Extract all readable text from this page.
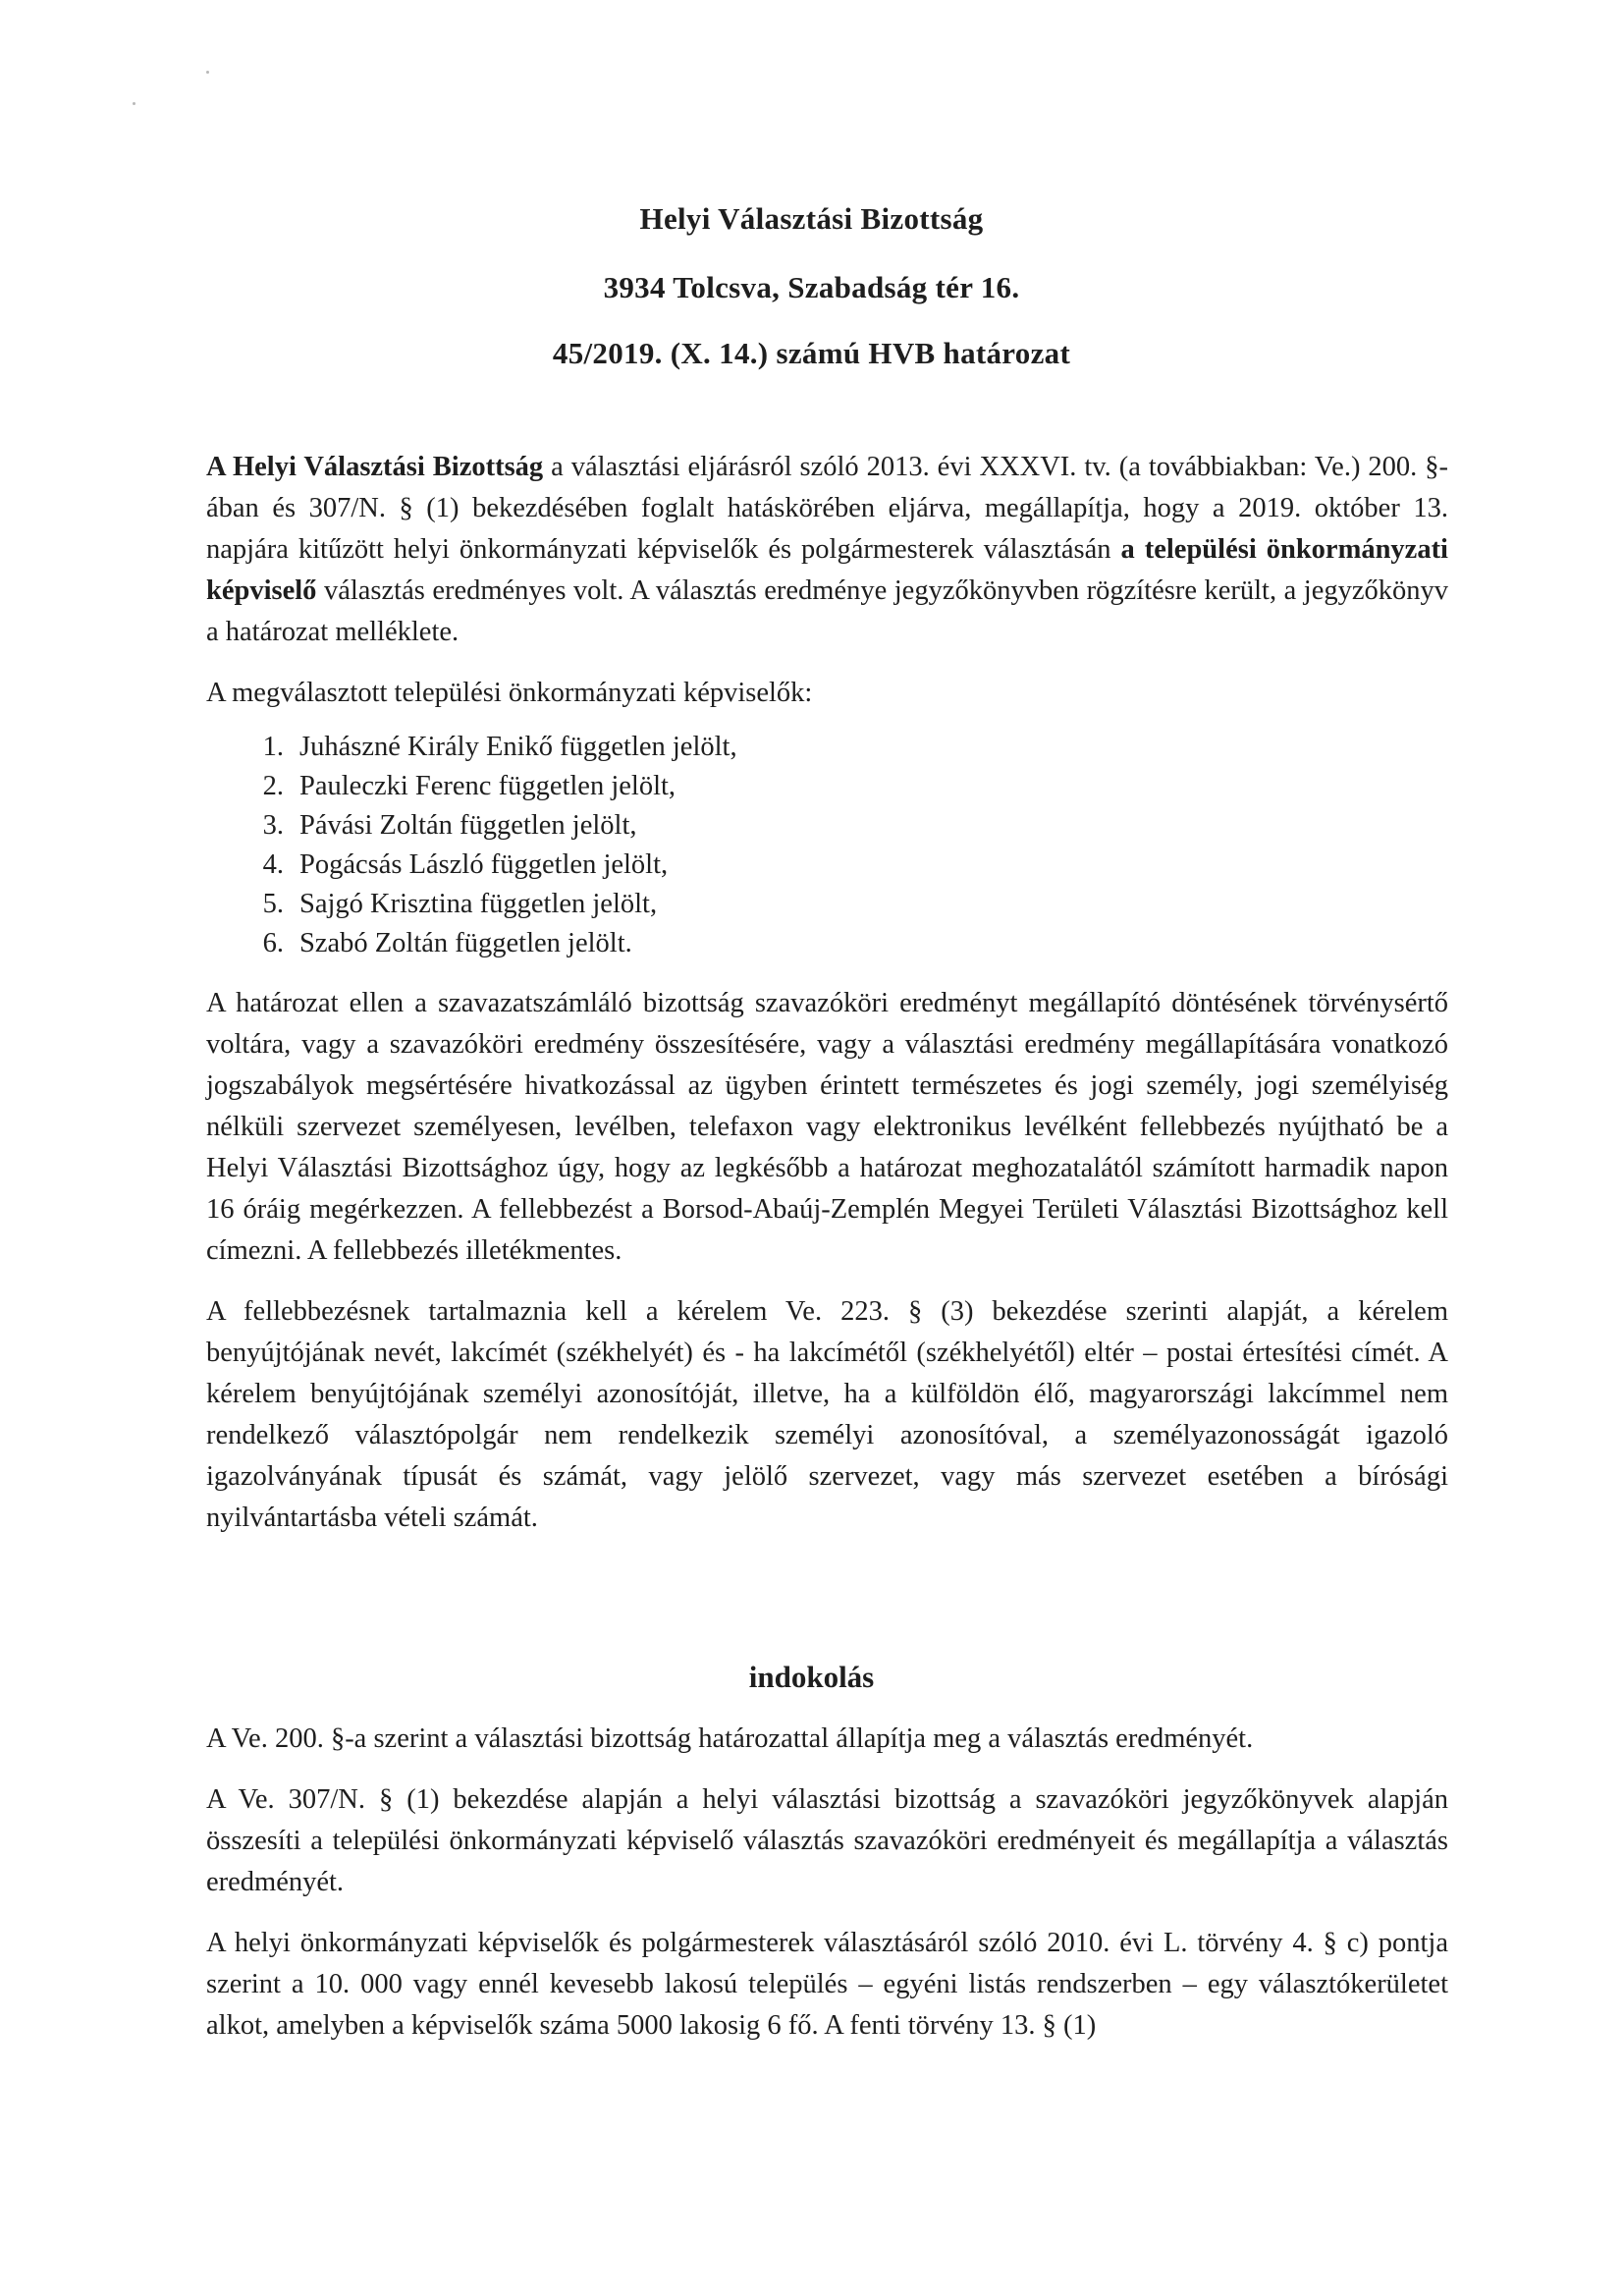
Helyi Választási Bizottság
3934 Tolcsva, Szabadság tér 16.
45/2019. (X. 14.) számú HVB határozat

A Helyi Választási Bizottság a választási eljárásról szóló 2013. évi XXXVI. tv. (a továbbiakban: Ve.) 200. §-ában és 307/N. § (1) bekezdésében foglalt hatáskörében eljárva, megállapítja, hogy a 2019. október 13. napjára kitűzött helyi önkormányzati képviselők és polgármesterek választásán a települési önkormányzati képviselő választás eredményes volt. A választás eredménye jegyzőkönyvben rögzítésre került, a jegyzőkönyv a határozat melléklete.

A megválasztott települési önkormányzati képviselők:

1. Juhászné Király Enikő független jelölt,
2. Pauleczki Ferenc független jelölt,
3. Pávási Zoltán független jelölt,
4. Pogácsás László független jelölt,
5. Sajgó Krisztina független jelölt,
6. Szabó Zoltán független jelölt.

A határozat ellen a szavazatszámláló bizottság szavazóköri eredményt megállapító döntésének törvénysértő voltára, vagy a szavazóköri eredmény összesítésére, vagy a választási eredmény megállapítására vonatkozó jogszabályok megsértésére hivatkozással az ügyben érintett természetes és jogi személy, jogi személyiség nélküli szervezet személyesen, levélben, telefaxon vagy elektronikus levélként fellebbezés nyújtható be a Helyi Választási Bizottsághoz úgy, hogy az legkésőbb a határozat meghozatalától számított harmadik napon 16 óráig megérkezzen. A fellebbezést a Borsod-Abaúj-Zemplén Megyei Területi Választási Bizottsághoz kell címezni. A fellebbezés illetékmentes.

A fellebbezésnek tartalmaznia kell a kérelem Ve. 223. § (3) bekezdése szerinti alapját, a kérelem benyújtójának nevét, lakcímét (székhelyét) és - ha lakcímétől (székhelyétől) eltér – postai értesítési címét. A kérelem benyújtójának személyi azonosítóját, illetve, ha a külföldön élő, magyarországi lakcímmel nem rendelkező választópolgár nem rendelkezik személyi azonosítóval, a személyazonosságát igazoló igazolványának típusát és számát, vagy jelölő szervezet, vagy más szervezet esetében a bírósági nyilvántartásba vételi számát.

indokolás

A Ve. 200. §-a szerint a választási bizottság határozattal állapítja meg a választás eredményét.

A Ve. 307/N. § (1) bekezdése alapján a helyi választási bizottság a szavazóköri jegyzőkönyvek alapján összesíti a települési önkormányzati képviselő választás szavazóköri eredményeit és megállapítja a választás eredményét.

A helyi önkormányzati képviselők és polgármesterek választásáról szóló 2010. évi L. törvény 4. § c) pontja szerint a 10. 000 vagy ennél kevesebb lakosú település – egyéni listás rendszerben – egy választókerületet alkot, amelyben a képviselők száma 5000 lakosig 6 fő. A fenti törvény 13. § (1)
